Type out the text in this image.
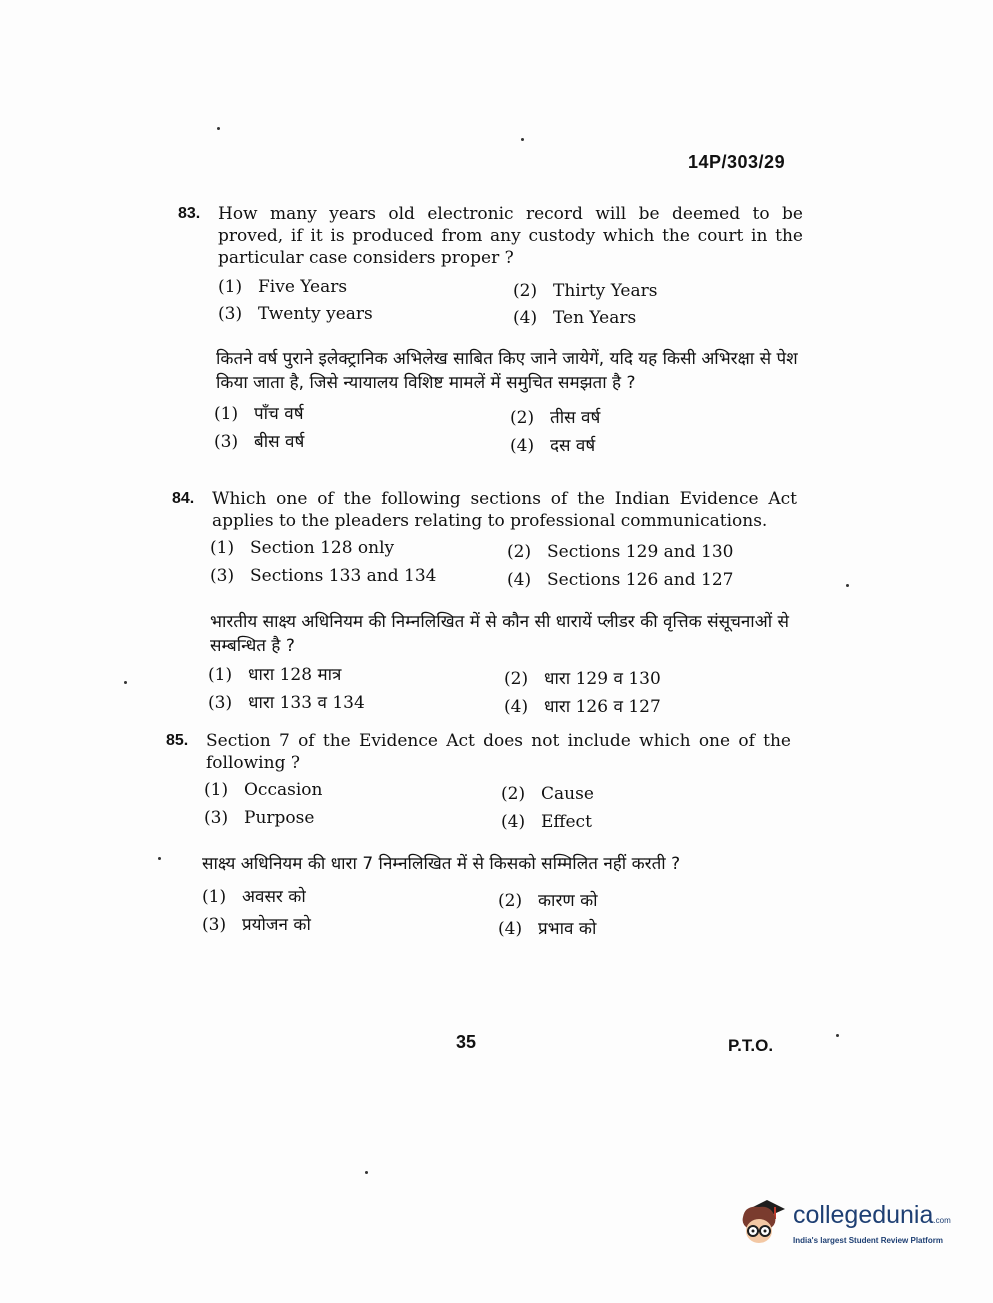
14P/303/29
83. How many years old electronic record will be deemed to be proved, if it is produced from any custody which the court in the particular case considers proper ?
(1) Five Years	(2) Thirty Years
(3) Twenty years	(4) Ten Years
कितने वर्ष पुराने इलेक्ट्रानिक अभिलेख साबित किए जाने जायेगें, यदि यह किसी अभिरक्षा से पेश किया जाता है, जिसे न्यायालय विशिष्ट मामलें में समुचित समझता है ?
(1) पाँच वर्ष	(2) तीस वर्ष
(3) बीस वर्ष	(4) दस वर्ष
84. Which one of the following sections of the Indian Evidence Act applies to the pleaders relating to professional communications.
(1) Section 128 only	(2) Sections 129 and 130
(3) Sections 133 and 134	(4) Sections 126 and 127
भारतीय साक्ष्य अधिनियम की निम्नलिखित में से कौन सी धारायें प्लीडर की वृत्तिक संसूचनाओं से सम्बन्धित है ?
(1) धारा 128 मात्र	(2) धारा 129 व 130
(3) धारा 133 व 134	(4) धारा 126 व 127
85. Section 7 of the Evidence Act does not include which one of the following ?
(1) Occasion	(2) Cause
(3) Purpose	(4) Effect
साक्ष्य अधिनियम की धारा 7 निम्नलिखित में से किसको सम्मिलित नहीं करती ?
(1) अवसर को	(2) कारण को
(3) प्रयोजन को	(4) प्रभाव को
35	P.T.O.
collegedunia.com
India's largest Student Review Platform
